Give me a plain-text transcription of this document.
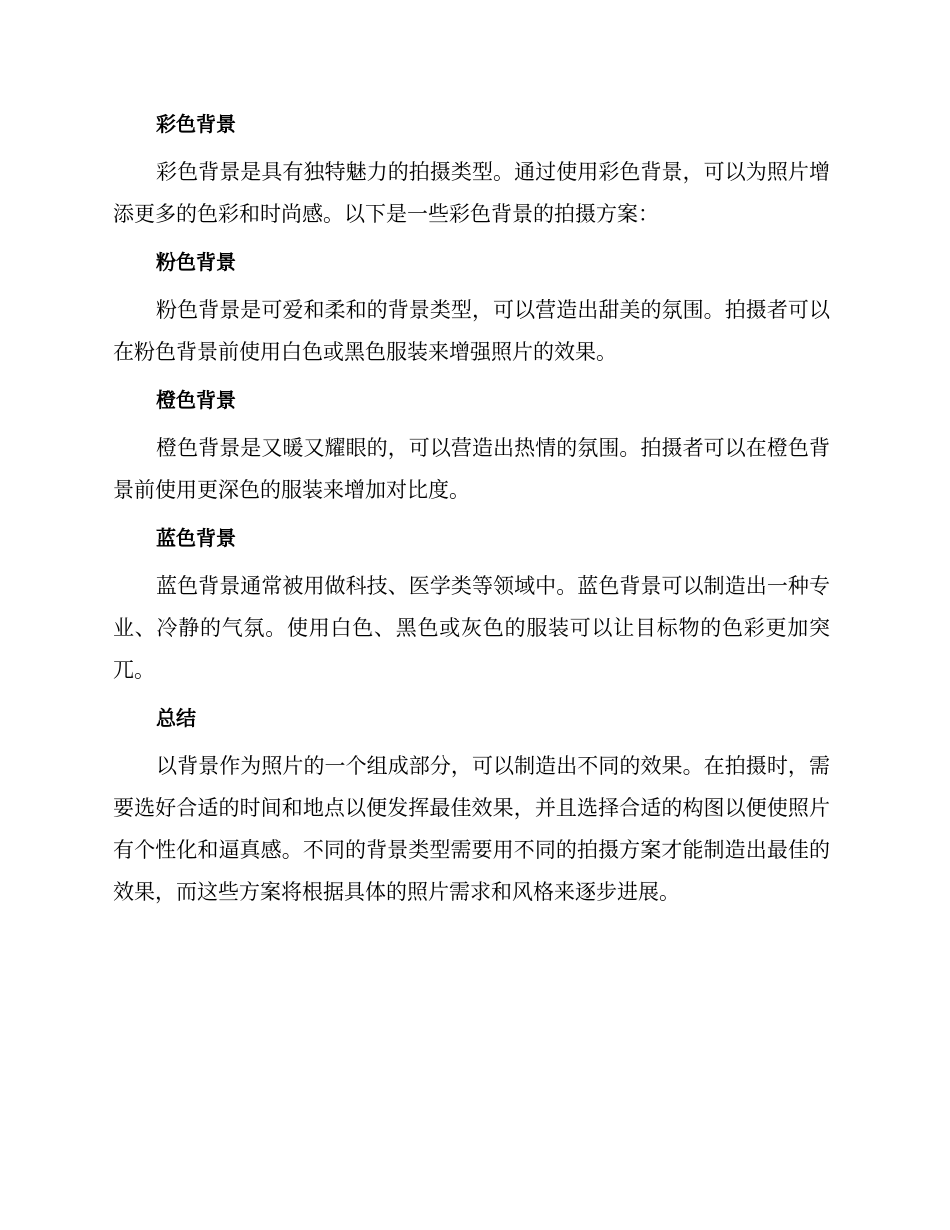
彩色背景

彩色背景是具有独特魅力的拍摄类型。通过使用彩色背景，可以为照片增添更多的色彩和时尚感。以下是一些彩色背景的拍摄方案：

粉色背景

粉色背景是可爱和柔和的背景类型，可以营造出甜美的氛围。拍摄者可以在粉色背景前使用白色或黑色服装来增强照片的效果。

橙色背景

橙色背景是又暖又耀眼的，可以营造出热情的氛围。拍摄者可以在橙色背景前使用更深色的服装来增加对比度。

蓝色背景

蓝色背景通常被用做科技、医学类等领域中。蓝色背景可以制造出一种专业、冷静的气氛。使用白色、黑色或灰色的服装可以让目标物的色彩更加突兀。

总结

以背景作为照片的一个组成部分，可以制造出不同的效果。在拍摄时，需要选好合适的时间和地点以便发挥最佳效果，并且选择合适的构图以便使照片有个性化和逼真感。不同的背景类型需要用不同的拍摄方案才能制造出最佳的效果，而这些方案将根据具体的照片需求和风格来逐步进展。
